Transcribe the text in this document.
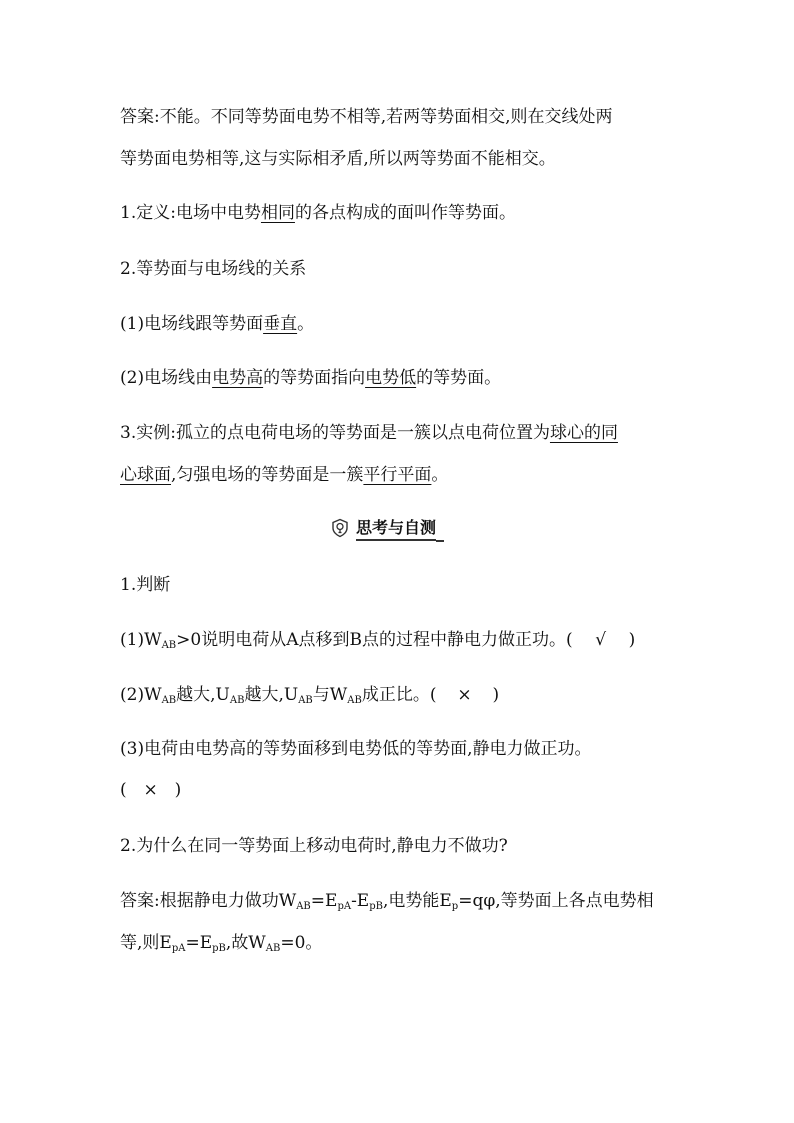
答案:不能。不同等势面电势不相等,若两等势面相交,则在交线处两
等势面电势相等,这与实际相矛盾,所以两等势面不能相交。
1.定义:电场中电势相同的各点构成的面叫作等势面。
2.等势面与电场线的关系
(1)电场线跟等势面垂直。
(2)电场线由电势高的等势面指向电势低的等势面。
3.实例:孤立的点电荷电场的等势面是一簇以点电荷位置为球心的同
心球面,匀强电场的等势面是一簇平行平面。
思考与自测
1.判断
$(1)W_{AB}>0$说明电荷从A点移到B点的过程中静电力做正功。( √ )
$(2)W_{AB}$越大$,U_{AB}$越大$,U_{AB}$与$W_{AB}$成正比。( × )
(3)电荷由电势高的等势面移到电势低的等势面,静电力做正功。
( × )
2.为什么在同一等势面上移动电荷时,静电力不做功?
答案:根据静电力做功$W_{AB}=E_{pA}-E_{pB}$,电势能$E_p=q\varphi$,等势面上各点电势相
等,则$E_{pA}=E_{pB}$,故$W_{AB}=0$。
